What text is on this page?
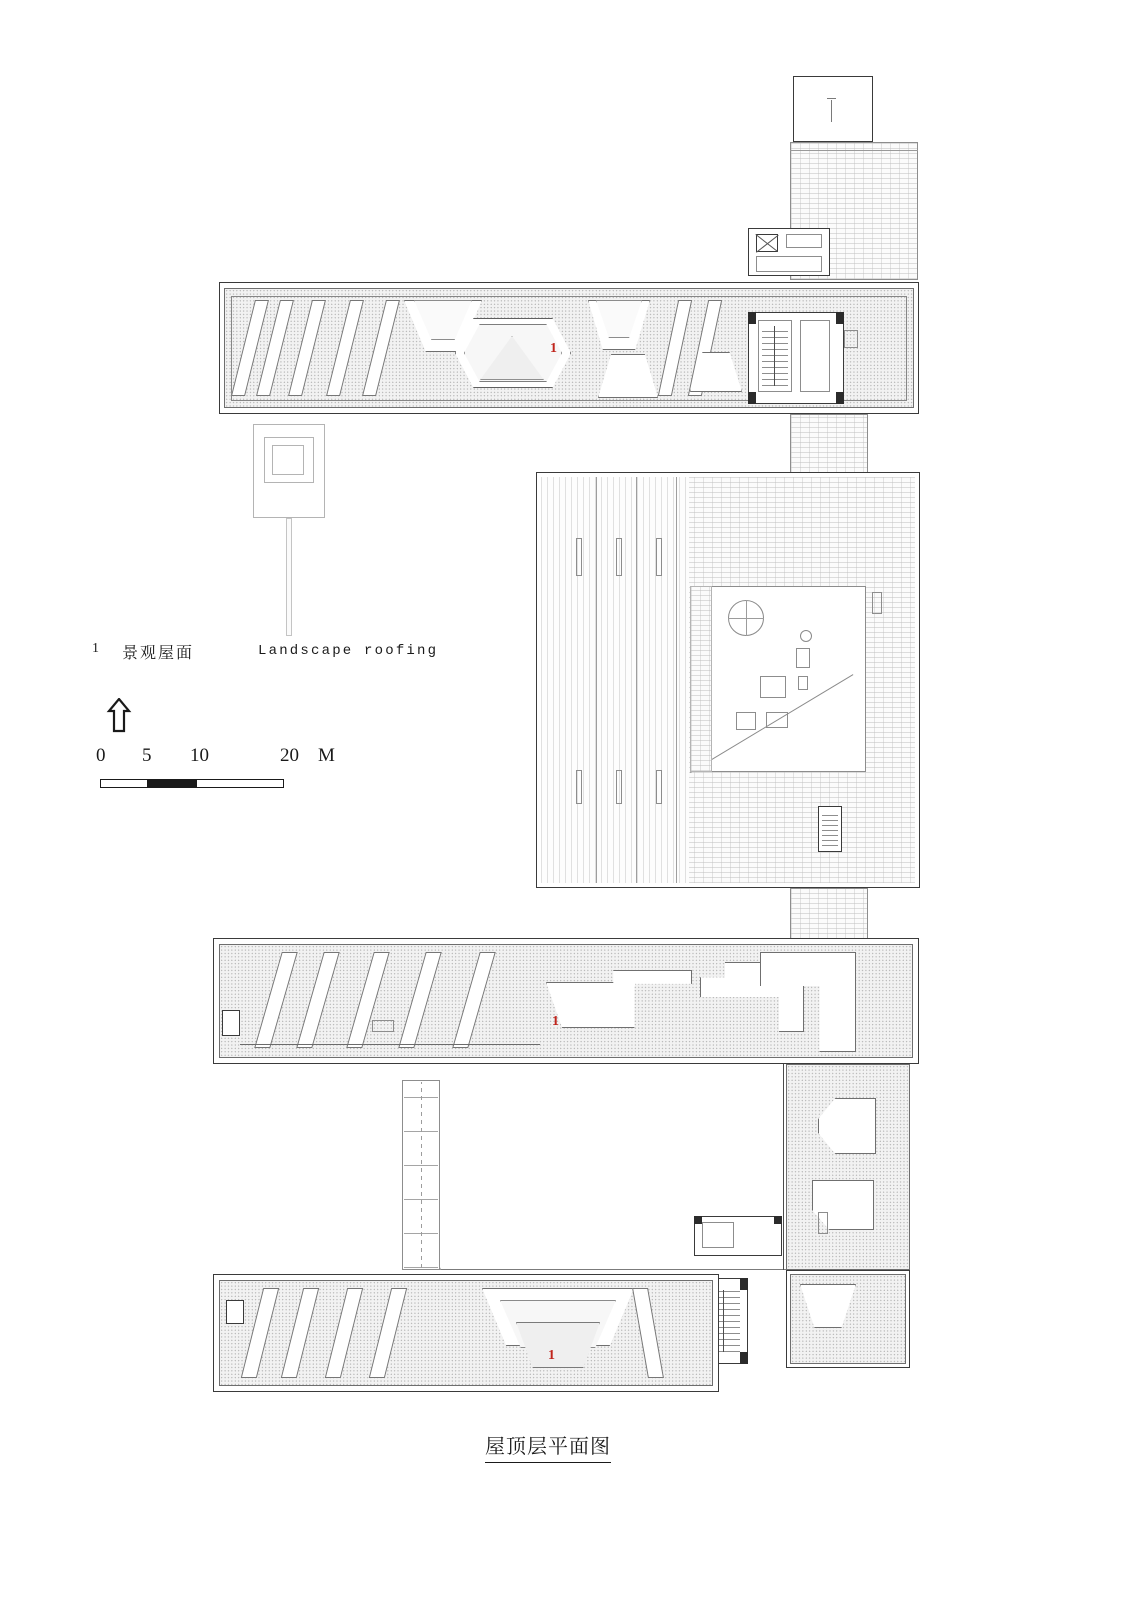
1
1
1
1 景观屋面	Landscape roofing
0 5 10	20 M
屋顶层平面图
